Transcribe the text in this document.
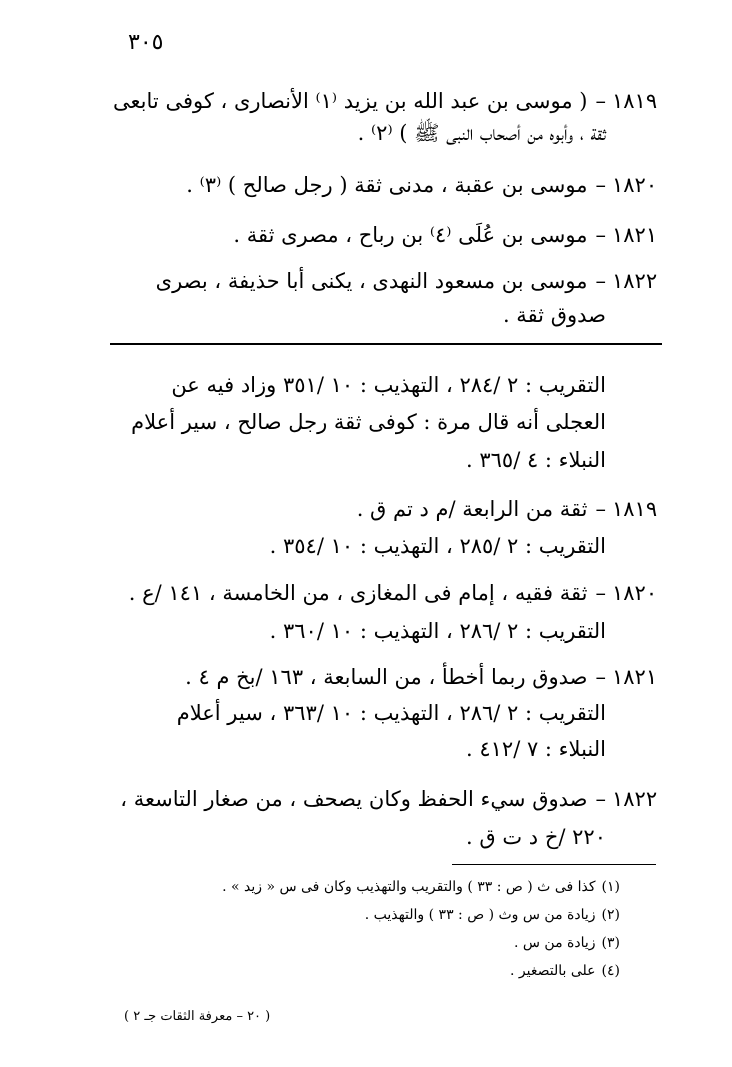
٣٠٥
١٨١٩–( موسى بن عبد الله بن يزيد ⁽١⁾ الأنصارى ، كوفى تابعى
ثقة ، وأبوه من أصحاب النبى ﷺ ) ⁽٢⁾ .
١٨٢٠–موسى بن عقبة ، مدنى ثقة ( رجل صالح ) ⁽٣⁾ .
١٨٢١–موسى بن عُلَى ⁽٤⁾ بن رباح ، مصرى ثقة .
١٨٢٢–موسى بن مسعود النهدى ، يكنى أبا حذيفة ، بصرى
صدوق ثقة .
التقريب : ٢ /٢٨٤ ، التهذيب : ١٠ /٣٥١ وزاد فيه عن
العجلى أنه قال مرة : كوفى ثقة رجل صالح ، سير أعلام
النبلاء : ٤ /٣٦٥ .
١٨١٩–ثقة من الرابعة /م د تم ق .
التقريب : ٢ /٢٨٥ ، التهذيب : ١٠ /٣٥٤ .
١٨٢٠–ثقة فقيه ، إمام فى المغازى ، من الخامسة ، ١٤١ /ع .
التقريب : ٢ /٢٨٦ ، التهذيب : ١٠ /٣٦٠ .
١٨٢١–صدوق ربما أخطأ ، من السابعة ، ١٦٣ /بخ م ٤ .
التقريب : ٢ /٢٨٦ ، التهذيب : ١٠ /٣٦٣ ، سير أعلام
النبلاء : ٧ /٤١٢ .
١٨٢٢–صدوق سيء الحفظ وكان يصحف ، من صغار التاسعة ،
٢٢٠ /خ د ت ق .
(١)كذا فى ث ( ص : ٣٣ ) والتقريب والتهذيب وكان فى س « زيد » .
(٢)زيادة من س وث ( ص : ٣٣ ) والتهذيب .
(٣)زيادة من س .
(٤)على بالتصغير .
( ٢٠ – معرفة الثقات جـ ٢ )
